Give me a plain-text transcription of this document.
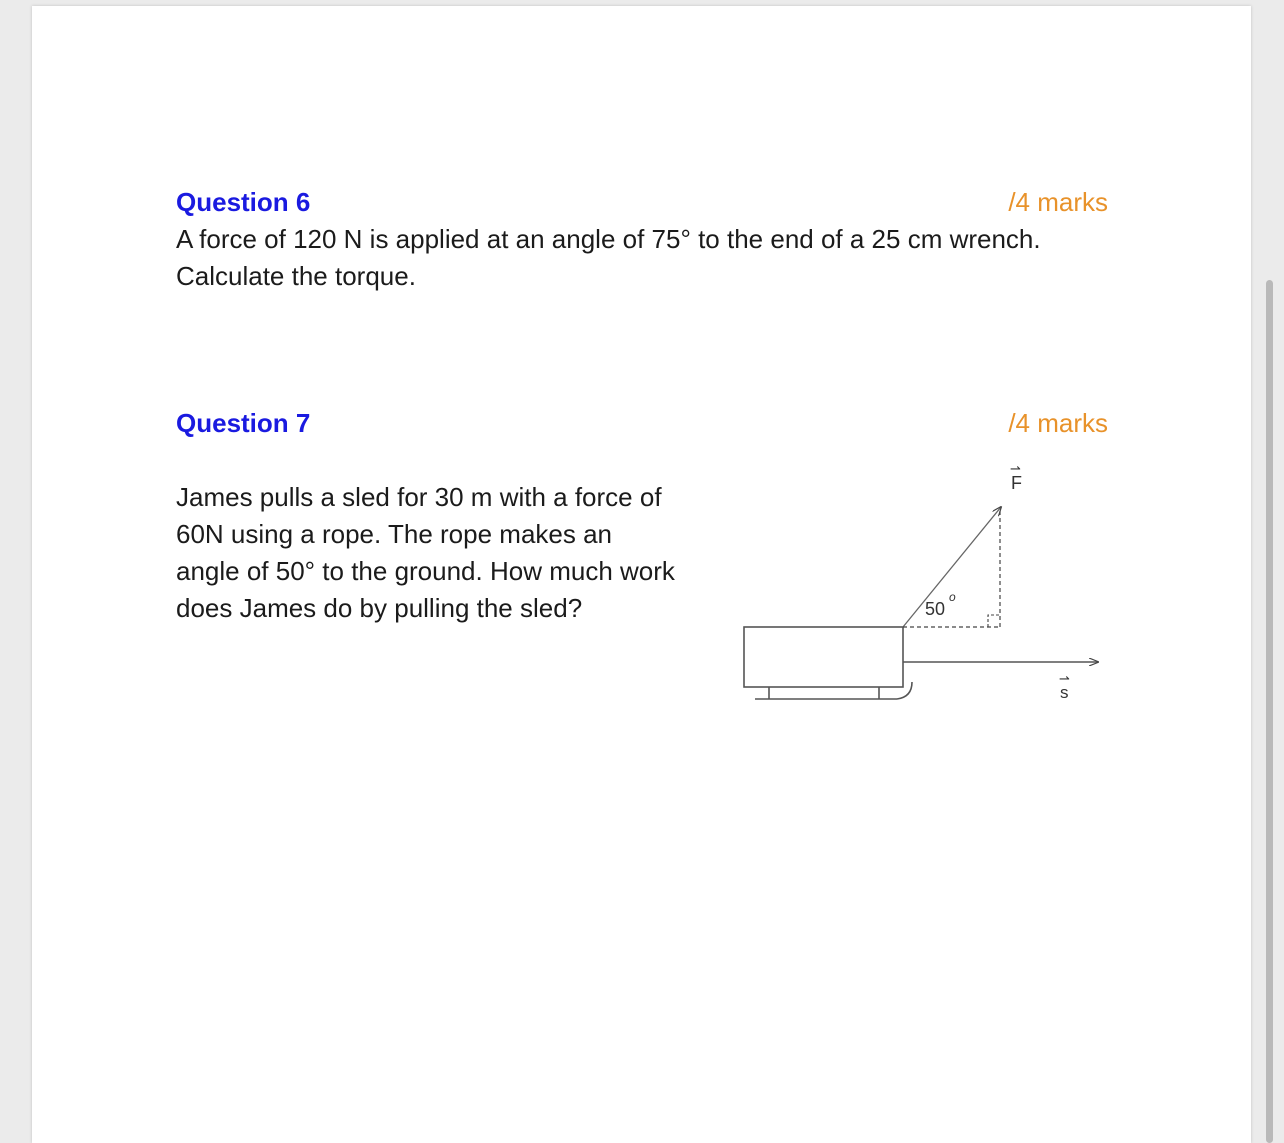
Question 6	/4 marks

A force of 120 N is applied at an angle of 75° to the end of a 25 cm wrench.
Calculate the torque.

Question 7	/4 marks

James pulls a sled for 30 m with a force of
60N using a rope. The rope makes an
angle of 50° to the ground. How much work
does James do by pulling the sled?	50
o
⇀
F
⇀
s
